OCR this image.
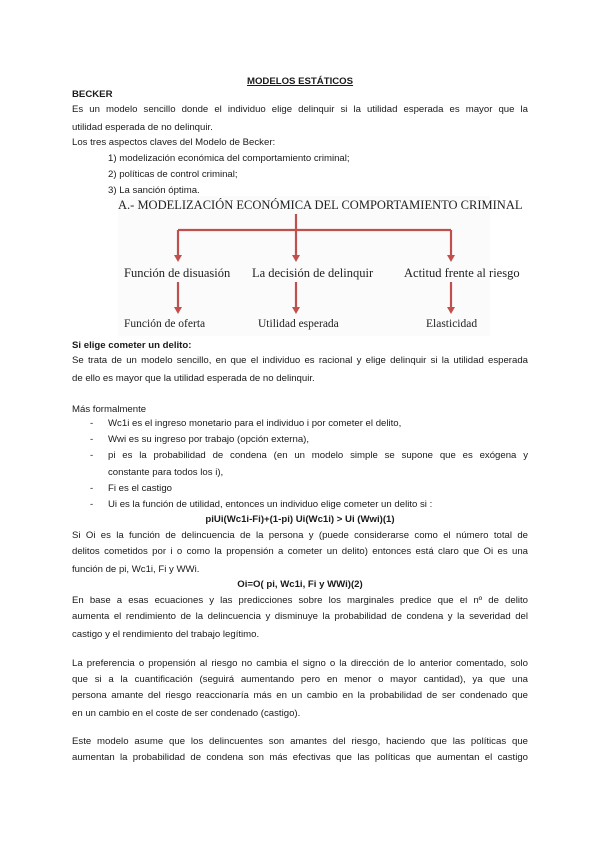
MODELOS ESTÁTICOS
BECKER
Es un modelo sencillo donde el individuo elige delinquir si la utilidad esperada es mayor que la
utilidad esperada de no delinquir.
Los tres aspectos claves del Modelo de Becker:
1) modelización económica del comportamiento criminal;
2) políticas de control criminal;
3) La sanción óptima.
A.- MODELIZACIÓN ECONÓMICA DEL COMPORTAMIENTO CRIMINAL
Función de disuasión La decisión de delinquir Actitud frente al riesgo
Función de oferta	Utilidad esperada	Elasticidad
Si elige cometer un delito:
Se trata de un modelo sencillo, en que el individuo es racional y elige delinquir si la utilidad esperada
de ello es mayor que la utilidad esperada de no delinquir.
Más formalmente
- Wc1i es el ingreso monetario para el individuo i por cometer el delito,
- Wwi es su ingreso por trabajo (opción externa),
- pi es la probabilidad de condena (en un modelo simple se supone que es exógena y
constante para todos los i),
- Fi es el castigo
- Ui es la función de utilidad, entonces un individuo elige cometer un delito si :
piUi(Wc1i-Fi)+(1-pi) Ui(Wc1i) > Ui (Wwi)(1)
Si Oi es la función de delincuencia de la persona y (puede considerarse como el número total de
delitos cometidos por i o como la propensión a cometer un delito) entonces está claro que Oi es una
función de pi, Wc1i, Fi y WWi.
Oi=O( pi, Wc1i, Fi y WWi)(2)
En base a esas ecuaciones y las predicciones sobre los marginales predice que el nº de delito
aumenta el rendimiento de la delincuencia y disminuye la probabilidad de condena y la severidad del
castigo y el rendimiento del trabajo legítimo.
La preferencia o propensión al riesgo no cambia el signo o la dirección de lo anterior comentado, solo
que si a la cuantificación (seguirá aumentando pero en menor o mayor cantidad), ya que una
persona amante del riesgo reaccionaría más en un cambio en la probabilidad de ser condenado que
en un cambio en el coste de ser condenado (castigo).
Este modelo asume que los delincuentes son amantes del riesgo, haciendo que las políticas que
aumentan la probabilidad de condena son más efectivas que las políticas que aumentan el castigo
